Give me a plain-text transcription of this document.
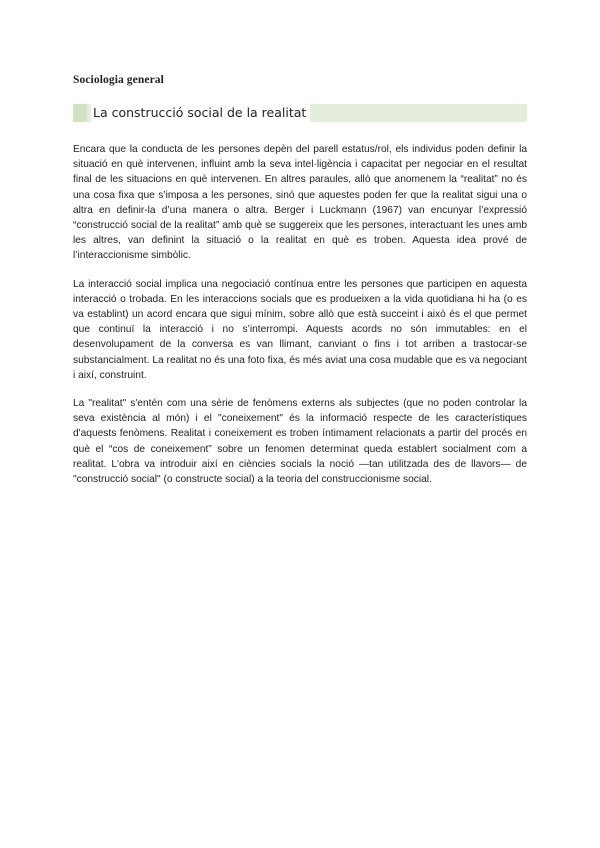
Sociologia general
La construcció social de la realitat

Encara que la conducta de les persones depèn del parell estatus/rol, els individus poden definir la situació en què intervenen, influint amb la seva intel·ligència i capacitat per negociar en el resultat final de les situacions en què intervenen. En altres paraules, allò que anomenem la “realitat” no és una cosa fixa que s’imposa a les persones, sinó que aquestes poden fer que la realitat sigui una o altra en definir-la d’una manera o altra. Berger i Luckmann (1967) van encunyar l’expressió “construcció social de la realitat” amb què se suggereix que les persones, interactuant les unes amb les altres, van definint la situació o la realitat en què es troben. Aquesta idea prové de l’interaccionisme simbòlic.

La interacció social implica una negociació contínua entre les persones que participen en aquesta interacció o trobada. En les interaccions socials que es produeixen a la vida quotidiana hi ha (o es va establint) un acord encara que sigui mínim, sobre allò que està succeint i això és el que permet que continuï la interacció i no s’interrompi. Aquests acords no són immutables: en el desenvolupament de la conversa es van llimant, canviant o fins i tot arriben a trastocar-se substancialment. La realitat no és una foto fixa, és més aviat una cosa mudable que es va negociant i així, construint.

La "realitat" s'entén com una sèrie de fenòmens externs als subjectes (que no poden controlar la seva existència al món) i el "coneixement" és la informació respecte de les característiques d'aquests fenòmens. Realitat i coneixement es troben íntimament relacionats a partir del procés en què el “cos de coneixement” sobre un fenomen determinat queda establert socialment com a realitat. L'obra va introduir així en ciències socials la noció —tan utilitzada des de llavors— de "construcció social" (o constructe social) a la teoria del construccionisme social.
